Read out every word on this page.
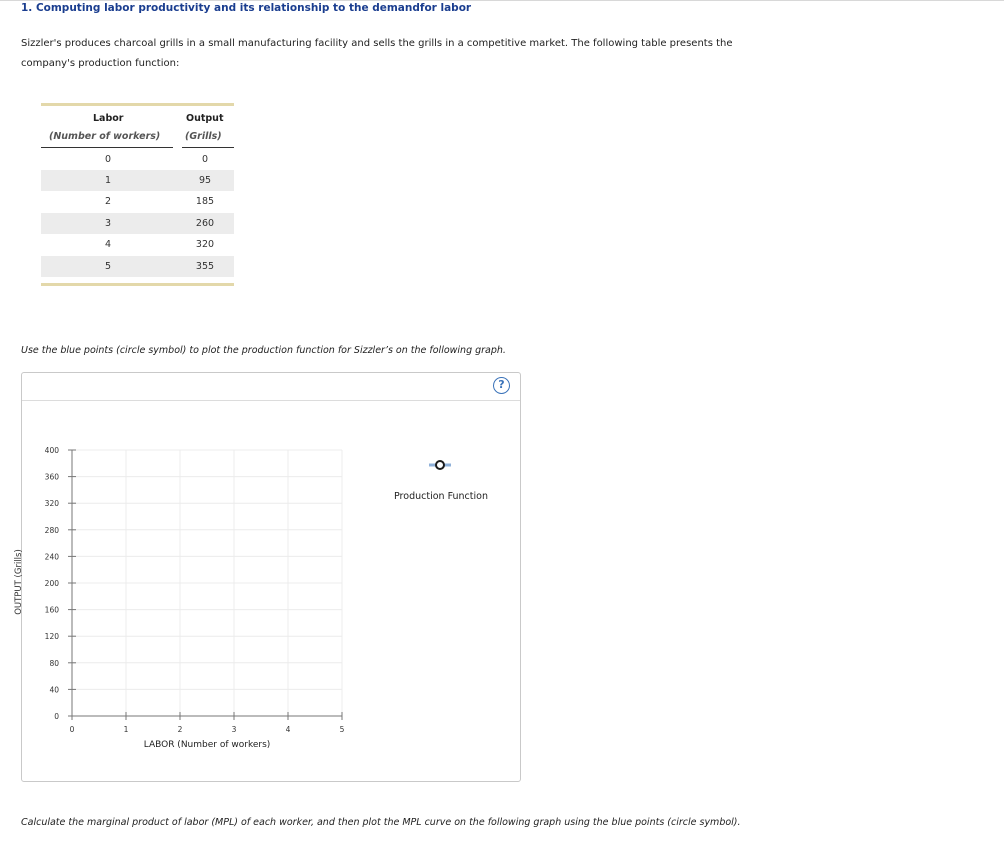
1. Computing labor productivity and its relationship to the demandfor labor
Sizzler's produces charcoal grills in a small manufacturing facility and sells the grills in a competitive market. The following table presents the company's production function:
Labor	Output
(Number of workers)	(Grills)
0	0
1	95
2	185
3	260
4	320
5	355
Use the blue points (circle symbol) to plot the production function for Sizzler’s on the following graph.
?
0
40
80
120
160
200
240
280
320
360
400
0	1	2	3	4	5
LABOR (Number of workers)
OUTPUT (Grills)
Production Function
Calculate the marginal product of labor (MPL) of each worker, and then plot the MPL curve on the following graph using the blue points (circle symbol).
